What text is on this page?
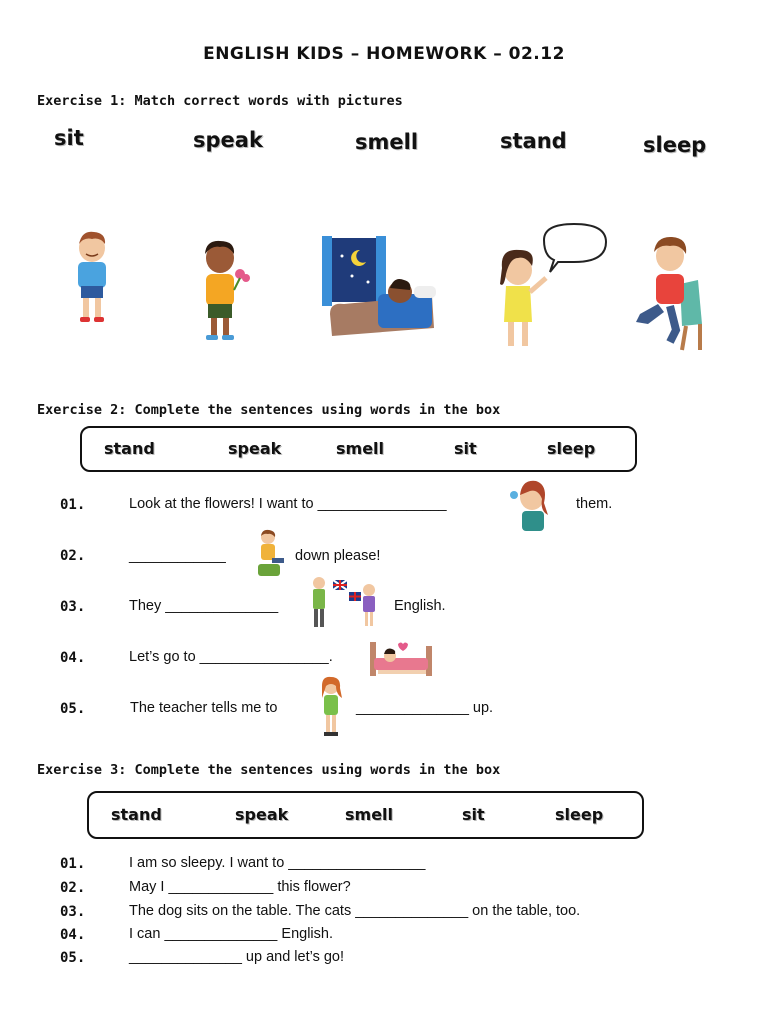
ENGLISH KIDS – HOMEWORK – 02.12
Exercise 1: Match correct words with pictures
sit	speak	smell	stand	sleep
Exercise 2: Complete the sentences using words in the box
stand	speak	smell	sit	sleep
01.	Look at the flowers! I want to ________________	them.
02.	____________	down please!
03.	They ______________	English.
04.	Let’s go to ________________.
05.	The teacher tells me to	______________ up.
Exercise 3: Complete the sentences using words in the box
stand	speak	smell	sit	sleep
01.	I am so sleepy. I want to _________________
02.	May I _____________ this flower?
03.	The dog sits on the table. The cats ______________ on the table, too.
04.	I can ______________ English.
05.	______________ up and let’s go!
